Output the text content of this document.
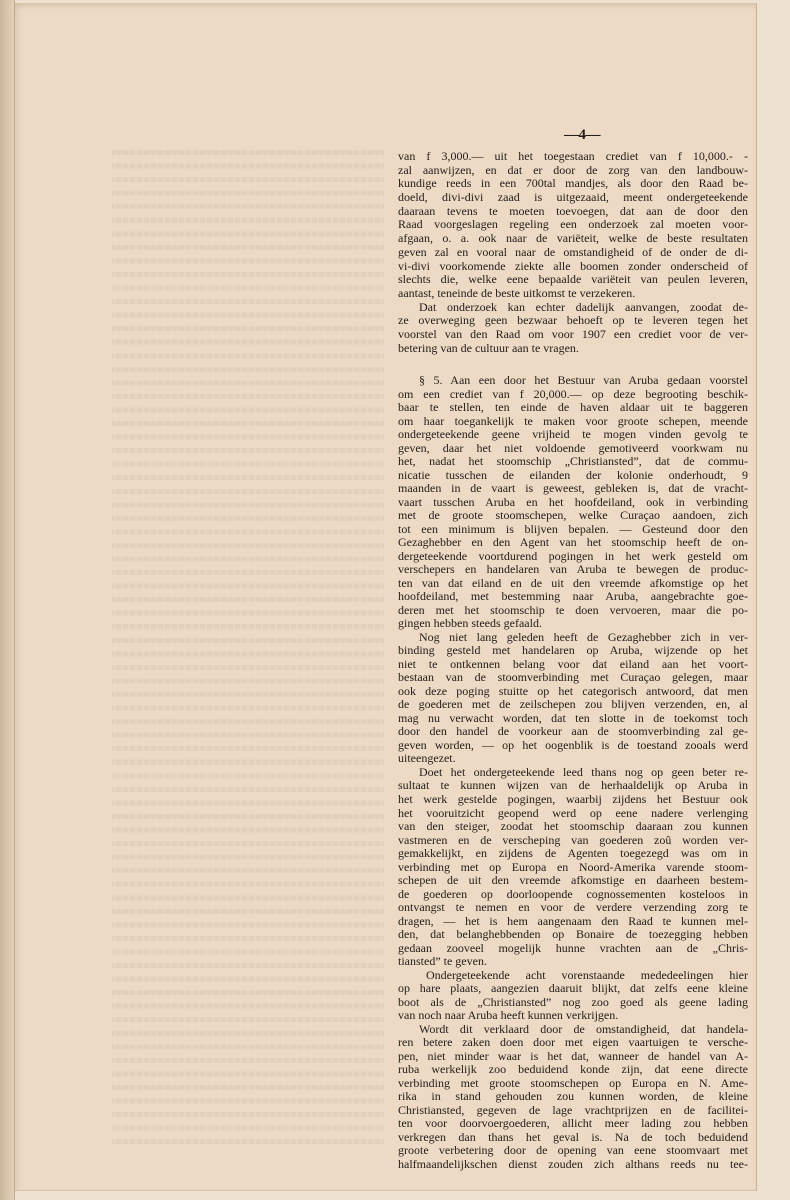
—4—
van f 3,000.— uit het toegestaan crediet van f 10,000.- -
zal aanwijzen, en dat er door de zorg van den landbouw-
kundige reeds in een 700tal mandjes, als door den Raad be-
doeld, divi-divi zaad is uitgezaaid, meent ondergeteekende
daaraan tevens te moeten toevoegen, dat aan de door den
Raad voorgeslagen regeling een onderzoek zal moeten voor-
afgaan, o. a. ook naar de variëteit, welke de beste resultaten
geven zal en vooral naar de omstandigheid of de onder de di-
vi-divi voorkomende ziekte alle boomen zonder onderscheid of
slechts die, welke eene bepaalde variëteit van peulen leveren,
aantast, teneinde de beste uitkomst te verzekeren.
Dat onderzoek kan echter dadelijk aanvangen, zoodat de-
ze overweging geen bezwaar behoeft op te leveren tegen het
voorstel van den Raad om voor 1907 een crediet voor de ver-
betering van de cultuur aan te vragen.
§ 5. Aan een door het Bestuur van Aruba gedaan voorstel
om een crediet van f 20,000.— op deze begrooting beschik-
baar te stellen, ten einde de haven aldaar uit te baggeren
om haar toegankelijk te maken voor groote schepen, meende
ondergeteekende geene vrijheid te mogen vinden gevolg te
geven, daar het niet voldoende gemotiveerd voorkwam nu
het, nadat het stoomschip „Christiansted”, dat de commu-
nicatie tusschen de eilanden der kolonie onderhoudt, 9
maanden in de vaart is geweest, gebleken is, dat de vracht-
vaart tusschen Aruba en het hoofdeiland, ook in verbinding
met de groote stoomschepen, welke Curaçao aandoen, zich
tot een minimum is blijven bepalen. — Gesteund door den
Gezaghebber en den Agent van het stoomschip heeft de on-
dergeteekende voortdurend pogingen in het werk gesteld om
verschepers en handelaren van Aruba te bewegen de produc-
ten van dat eiland en de uit den vreemde afkomstige op het
hoofdeiland, met bestemming naar Aruba, aangebrachte goe-
deren met het stoomschip te doen vervoeren, maar die po-
gingen hebben steeds gefaald.
Nog niet lang geleden heeft de Gezaghebber zich in ver-
binding gesteld met handelaren op Aruba, wijzende op het
niet te ontkennen belang voor dat eiland aan het voort-
bestaan van de stoomverbinding met Curaçao gelegen, maar
ook deze poging stuitte op het categorisch antwoord, dat men
de goederen met de zeilschepen zou blijven verzenden, en, al
mag nu verwacht worden, dat ten slotte in de toekomst toch
door den handel de voorkeur aan de stoomverbinding zal ge-
geven worden, — op het oogenblik is de toestand zooals werd
uiteengezet.
Doet het ondergeteekende leed thans nog op geen beter re-
sultaat te kunnen wijzen van de herhaaldelijk op Aruba in
het werk gestelde pogingen, waarbij zijdens het Bestuur ook
het vooruitzicht geopend werd op eene nadere verlenging
van den steiger, zoodat het stoomschip daaraan zou kunnen
vastmeren en de verscheping van goederen zoû worden ver-
gemakkelijkt, en zijdens de Agenten toegezegd was om in
verbinding met op Europa en Noord-Amerika varende stoom-
schepen de uit den vreemde afkomstige en daarheen bestem-
de goederen op doorloopende cognossementen kosteloos in
ontvangst te nemen en voor de verdere verzending zorg te
dragen, — het is hem aangenaam den Raad te kunnen mel-
den, dat belanghebbenden op Bonaire de toezegging hebben
gedaan zooveel mogelijk hunne vrachten aan de „Chris-
tiansted” te geven.
Ondergeteekende acht vorenstaande mededeelingen hier
op hare plaats, aangezien daaruit blijkt, dat zelfs eene kleine
boot als de „Christiansted” nog zoo goed als geene lading
van noch naar Aruba heeft kunnen verkrijgen.
Wordt dit verklaard door de omstandigheid, dat handela-
ren betere zaken doen door met eigen vaartuigen te versche-
pen, niet minder waar is het dat, wanneer de handel van A-
ruba werkelijk zoo beduidend konde zijn, dat eene directe
verbinding met groote stoomschepen op Europa en N. Ame-
rika in stand gehouden zou kunnen worden, de kleine
Christiansted, gegeven de lage vrachtprijzen en de facilitei-
ten voor doorvoergoederen, allicht meer lading zou hebben
verkregen dan thans het geval is. Na de toch beduidend
groote verbetering door de opening van eene stoomvaart met
halfmaandelijkschen dienst zouden zich althans reeds nu tee-
